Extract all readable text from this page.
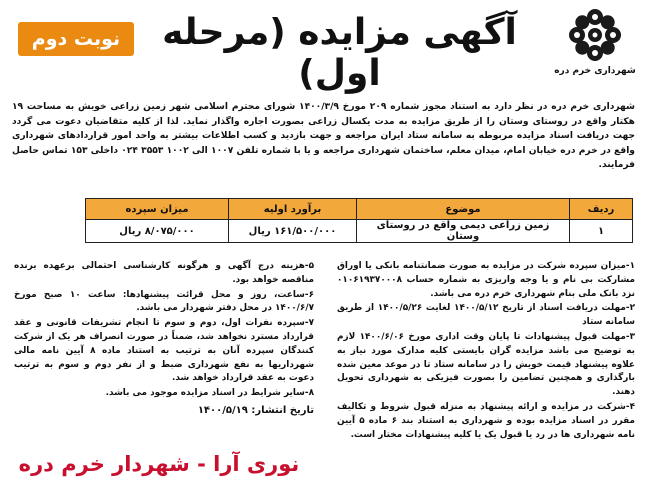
شهرداری خرم دره
آگهی مزایده (مرحله اول)
نوبت دوم
شهرداری خرم دره در نظر دارد به استناد مجوز شماره ۲۰۹ مورخ ۱۴۰۰/۳/۹ شورای محترم اسلامی شهر زمین زراعی خویش به مساحت ۱۹ هکتار واقع در روستای وستان را از طریق مزایده به مدت یکسال زراعی بصورت اجاره واگذار نماید. لذا از کلیه متقاضیان دعوت می گردد جهت دریافت اسناد مزایده مربوطه به سامانه ستاد ایران مراجعه و جهت بازدید و کسب اطلاعات بیشتر به واحد امور قراردادهای شهرداری واقع در خرم دره خیابان امام، میدان معلم، ساختمان شهرداری مراجعه و یا با شماره تلفن ۱۰۰۷ الی ۱۰۰۲ ۳۵۵۳ ۰۲۴ داخلی ۱۵۳ تماس حاصل فرمایند.
ردیف	موضوع	برآورد اولیه	میزان سپرده
۱	زمین زراعی دیمی واقع در روستای وستان	۱۶۱/۵۰۰/۰۰۰ ریال	۸/۰۷۵/۰۰۰ ریال

۱-میزان سپرده شرکت در مزایده به صورت ضمانتنامه بانکی یا اوراق مشارکت بی نام و یا وجه واریزی به شماره حساب ۰۱۰۶۱۹۳۷۰۰۰۸ نزد بانک ملی بنام شهرداری خرم دره می باشد.

۲-مهلت دریافت اسناد از تاریخ ۱۴۰۰/۵/۱۲ لغایت ۱۴۰۰/۵/۲۶ از طریق سامانه ستاد

۳-مهلت قبول پیشنهادات تا پایان وقت اداری مورخ ۱۴۰۰/۶/۰۶ لازم به توضیح می باشد مزایده گران بایستی کلیه مدارک مورد نیاز به علاوه پیشنهاد قیمت خویش را در سامانه ستاد تا در موعد معین شده بارگذاری و همچنین تضامین را بصورت فیزیکی به شهرداری تحویل دهند.

۴-شرکت در مزایده و ارائه پیشنهاد به منزله قبول شروط و تکالیف مقرر در اسناد مزایده بوده و شهرداری به استناد بند ۶ ماده ۵ آیین نامه شهرداری ها در رد یا قبول یک یا کلیه پیشنهادات مختار است.

۵-هزینه درج آگهی و هرگونه کارشناسی احتمالی برعهده برنده مناقصه خواهد بود.

۶-ساعت، روز و محل قرائت پیشنهادها: ساعت ۱۰ صبح مورخ ۱۴۰۰/۶/۷ در محل دفتر شهردار می باشد.

۷-سپرده نفرات اول، دوم و سوم تا انجام تشریفات قانونی و عقد قرارداد مسترد نخواهد شد، ضمناً در صورت انصراف هر یک از شرکت کنندگان سپرده آنان به ترتیب به استناد ماده ۸ آیین نامه مالی شهرداریها به نفع شهرداری ضبط و از نفر دوم و سوم به ترتیب دعوت به عقد قرارداد خواهد شد.

۸-سایر شرایط در اسناد مزایده موجود می باشد.

تاریخ انتشار: ۱۴۰۰/۵/۱۹

نوری آرا - شهردار خرم دره
